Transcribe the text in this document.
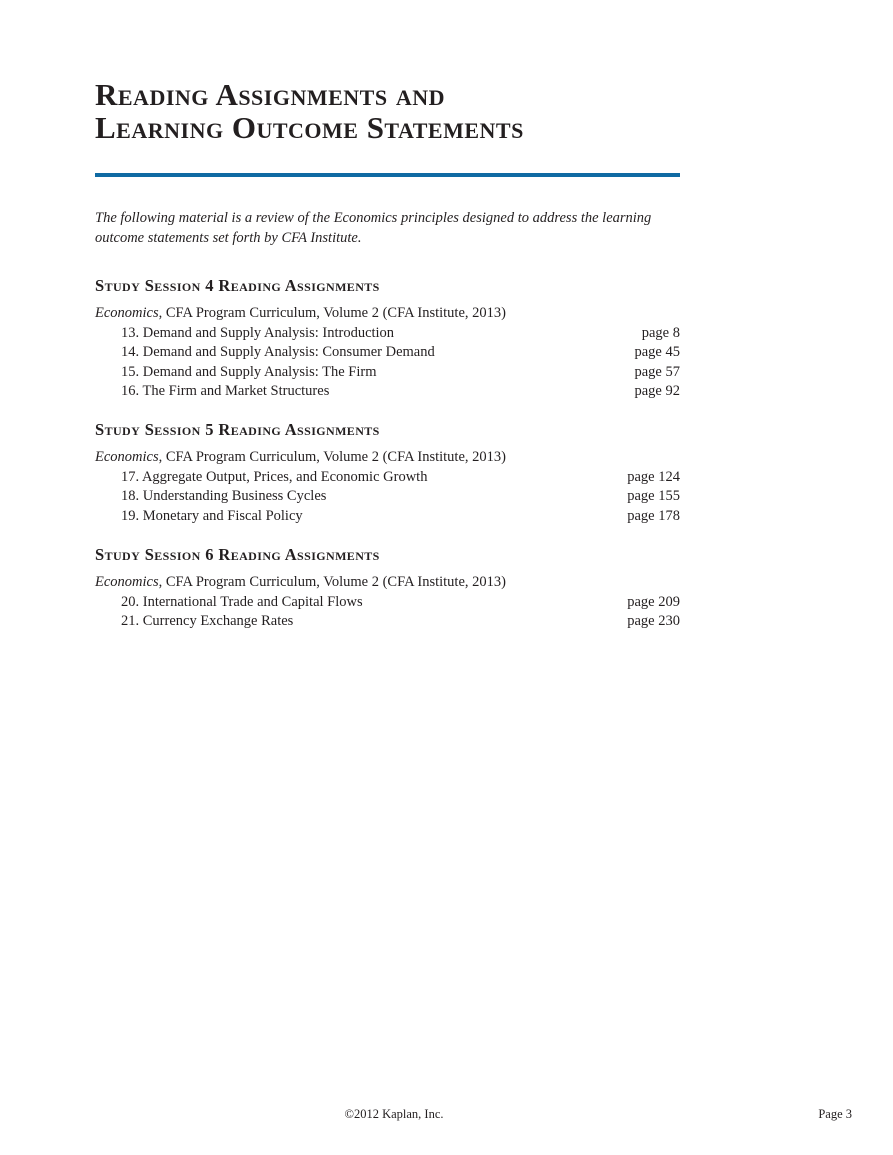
Reading Assignments and
Learning Outcome Statements

The following material is a review of the Economics principles designed to address the learning outcome statements set forth by CFA Institute.

Study Session 4 Reading Assignments

Economics, CFA Program Curriculum, Volume 2 (CFA Institute, 2013)

13. Demand and Supply Analysis: Introduction	page 8
14. Demand and Supply Analysis: Consumer Demand	page 45
15. Demand and Supply Analysis: The Firm	page 57
16. The Firm and Market Structures	page 92
Study Session 5 Reading Assignments

Economics, CFA Program Curriculum, Volume 2 (CFA Institute, 2013)

17. Aggregate Output, Prices, and Economic Growth	page 124
18. Understanding Business Cycles	page 155
19. Monetary and Fiscal Policy	page 178
Study Session 6 Reading Assignments

Economics, CFA Program Curriculum, Volume 2 (CFA Institute, 2013)

20. International Trade and Capital Flows	page 209
21. Currency Exchange Rates	page 230
©2012 Kaplan, Inc.	Page 3
